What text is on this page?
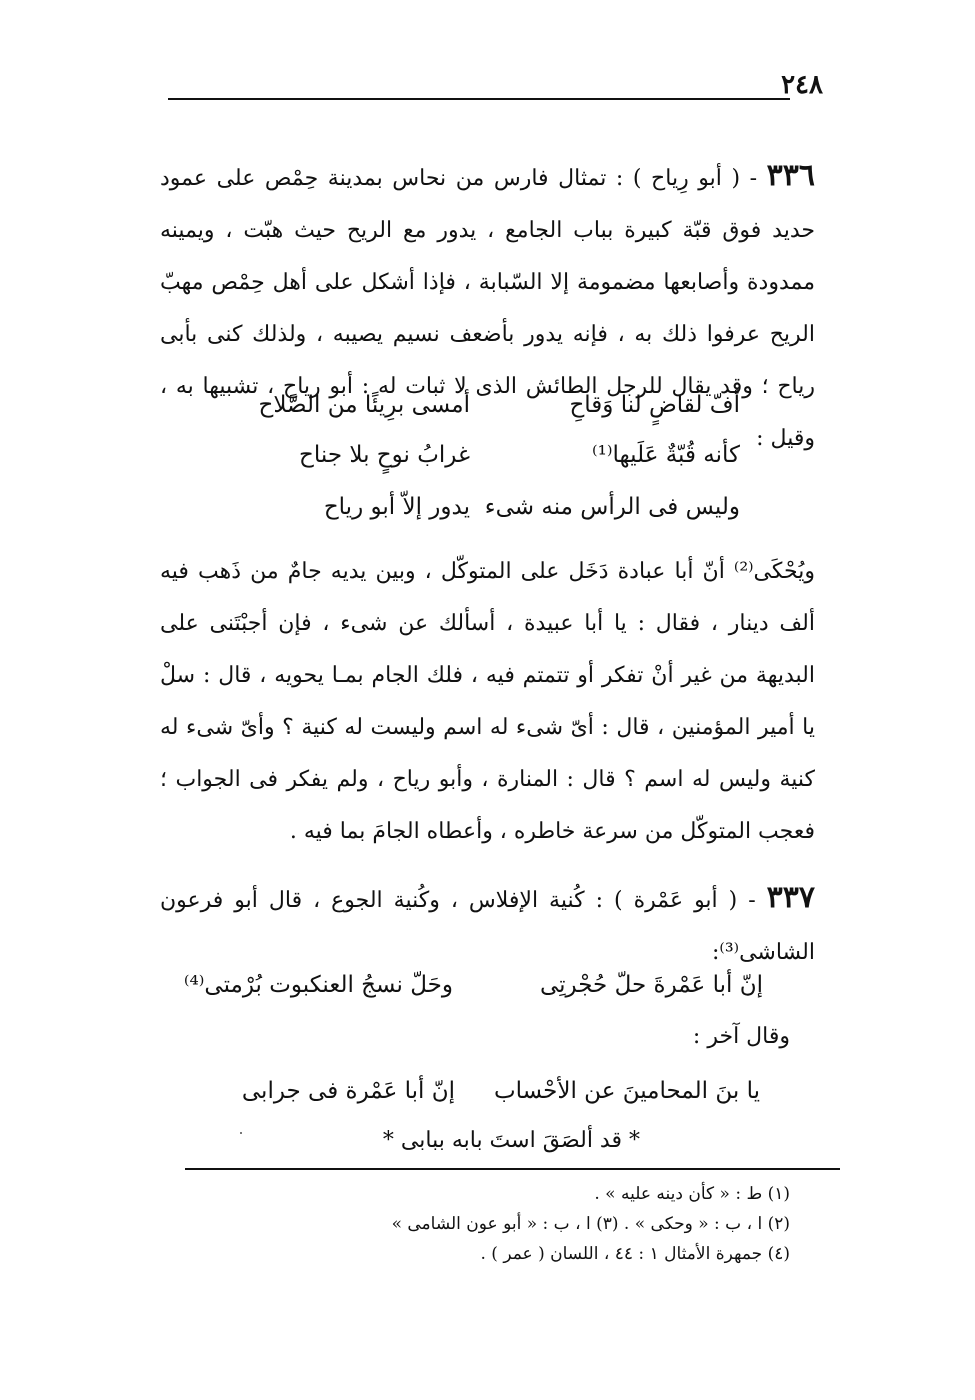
٢٤٨
٣٣٦ - ( أبو رِياح ) : تمثال فارس من نحاس بمدينة حِمْص على عمود حديد فوق قبّة كبيرة بباب الجامع ، يدور مع الريح حيث هبّت ، ويمينه ممدودة وأصابعها مضمومة إلا السّبابة ، فإذا أشكل على أهل حِمْص مهبّ الريح عرفوا ذلك به ، فإنه يدور بأضعف نسيم يصيبه ، ولذلك كنى بأبى رياح ؛ وقد يقال للرجل الطائش الذى لا ثبات له : أبو رياح ، تشبيها به ، وقيل :
أفّ لقاضٍ لنا وَقاحِ
أمسى برِيئًا من الصَّلاح
كأنه قُبّةٌ عَلَيها⁽¹⁾
غرابُ نوحٍ بلا جناح
وليس فى الرأس منه شىء
يدور إلاّ أبو رياح
ويُحْكَى⁽²⁾ أنّ أبا عبادة دَخَل على المتوكّل ، وبين يديه جامٌ من ذَهب فيه ألف دينار ، فقال : يا أبا عبيدة ، أسألك عن شىء ، فإن أجبْتَنى على البديهة من غير أنْ تفكر أو تتمتم فيه ، فلك الجام بمـا يحويه ، قال : سلْ يا أمير المؤمنين ، قال : أىّ شىء له اسم وليست له كنية ؟ وأىّ شىء له كنية وليس له اسم ؟ قال : المنارة ، وأبو رياح ، ولم يفكر فى الجواب ؛ فعجب المتوكّل من سرعة خاطره ، وأعطاه الجامَ بما فيه .
٣٣٧ - ( أبو عَمْرة ) : كُنية الإفلاس ، وكُنية الجوع ، قال أبو فرعون الشاشى⁽³⁾:
إنّ أبا عَمْرةَ حلّ حُجْرتِى
وحَلّ نسجُ العنكبوت بُرْمتى⁽⁴⁾
وقال آخر :
يا بنَ المحامينَ عن الأحْساب
إنّ أبا عَمْرة فى جرابى
* قد ألصَقَ استَ بابه ببابى *
(١) ط : « كأن دينه عليه » .
(٢) ا ، ب : « وحكى » . (٣) ا ، ب : « أبو عون الشامى »
(٤) جمهرة الأمثال ١ : ٤٤ ، اللسان ( عمر ) .
